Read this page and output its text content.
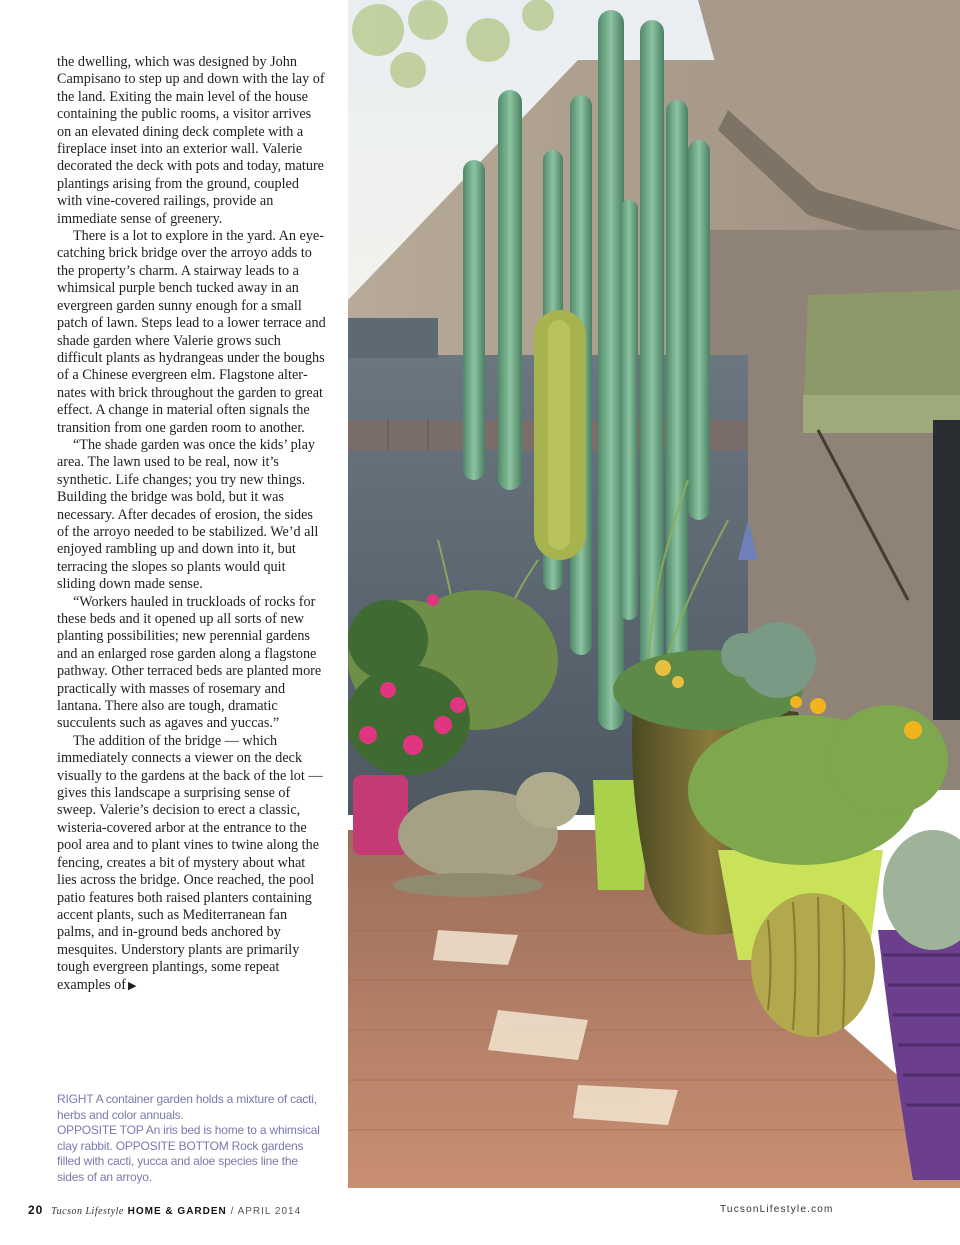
the dwelling, which was designed by John Campisano to step up and down with the lay of the land. Exiting the main level of the house containing the public rooms, a visitor arrives on an elevated dining deck complete with a fireplace inset into an exterior wall. Valerie decorated the deck with pots and today, mature plantings arising from the ground, coupled with vine-covered railings, provide an immediate sense of greenery.

There is a lot to explore in the yard. An eye-catching brick bridge over the arroyo adds to the property’s charm. A stairway leads to a whimsical purple bench tucked away in an evergreen garden sunny enough for a small patch of lawn. Steps lead to a lower terrace and shade garden where Valerie grows such difficult plants as hydrangeas under the boughs of a Chinese evergreen elm. Flagstone alternates with brick throughout the garden to great effect. A change in material often signals the transition from one garden room to another.

“The shade garden was once the kids’ play area. The lawn used to be real, now it’s synthetic. Life changes; you try new things. Building the bridge was bold, but it was necessary. After decades of erosion, the sides of the arroyo needed to be stabilized. We’d all enjoyed rambling up and down into it, but terracing the slopes so plants would quit sliding down made sense.

“Workers hauled in truckloads of rocks for these beds and it opened up all sorts of new planting possibilities; new perennial gardens and an enlarged rose garden along a flagstone pathway. Other terraced beds are planted more practically with masses of rosemary and lantana. There also are tough, dramatic succulents such as agaves and yuccas.”

The addition of the bridge — which immediately connects a viewer on the deck visually to the gardens at the back of the lot — gives this landscape a surprising sense of sweep. Valerie’s decision to erect a classic, wisteria-covered arbor at the entrance to the pool area and to plant vines to twine along the fencing, creates a bit of mystery about what lies across the bridge. Once reached, the pool patio features both raised planters containing accent plants, such as Mediterranean fan palms, and in-ground beds anchored by mesquites. Understory plants are primarily tough evergreen plantings, some repeat examples of ▶

RIGHT A container garden holds a mixture of cacti, herbs and color annuals.

OPPOSITE TOP An iris bed is home to a whimsical clay rabbit. OPPOSITE BOTTOM Rock gardens filled with cacti, yucca and aloe species line the sides of an arroyo.

20 Tucson Lifestyle HOME & GARDEN / APRIL 2014	TucsonLifestyle.com
